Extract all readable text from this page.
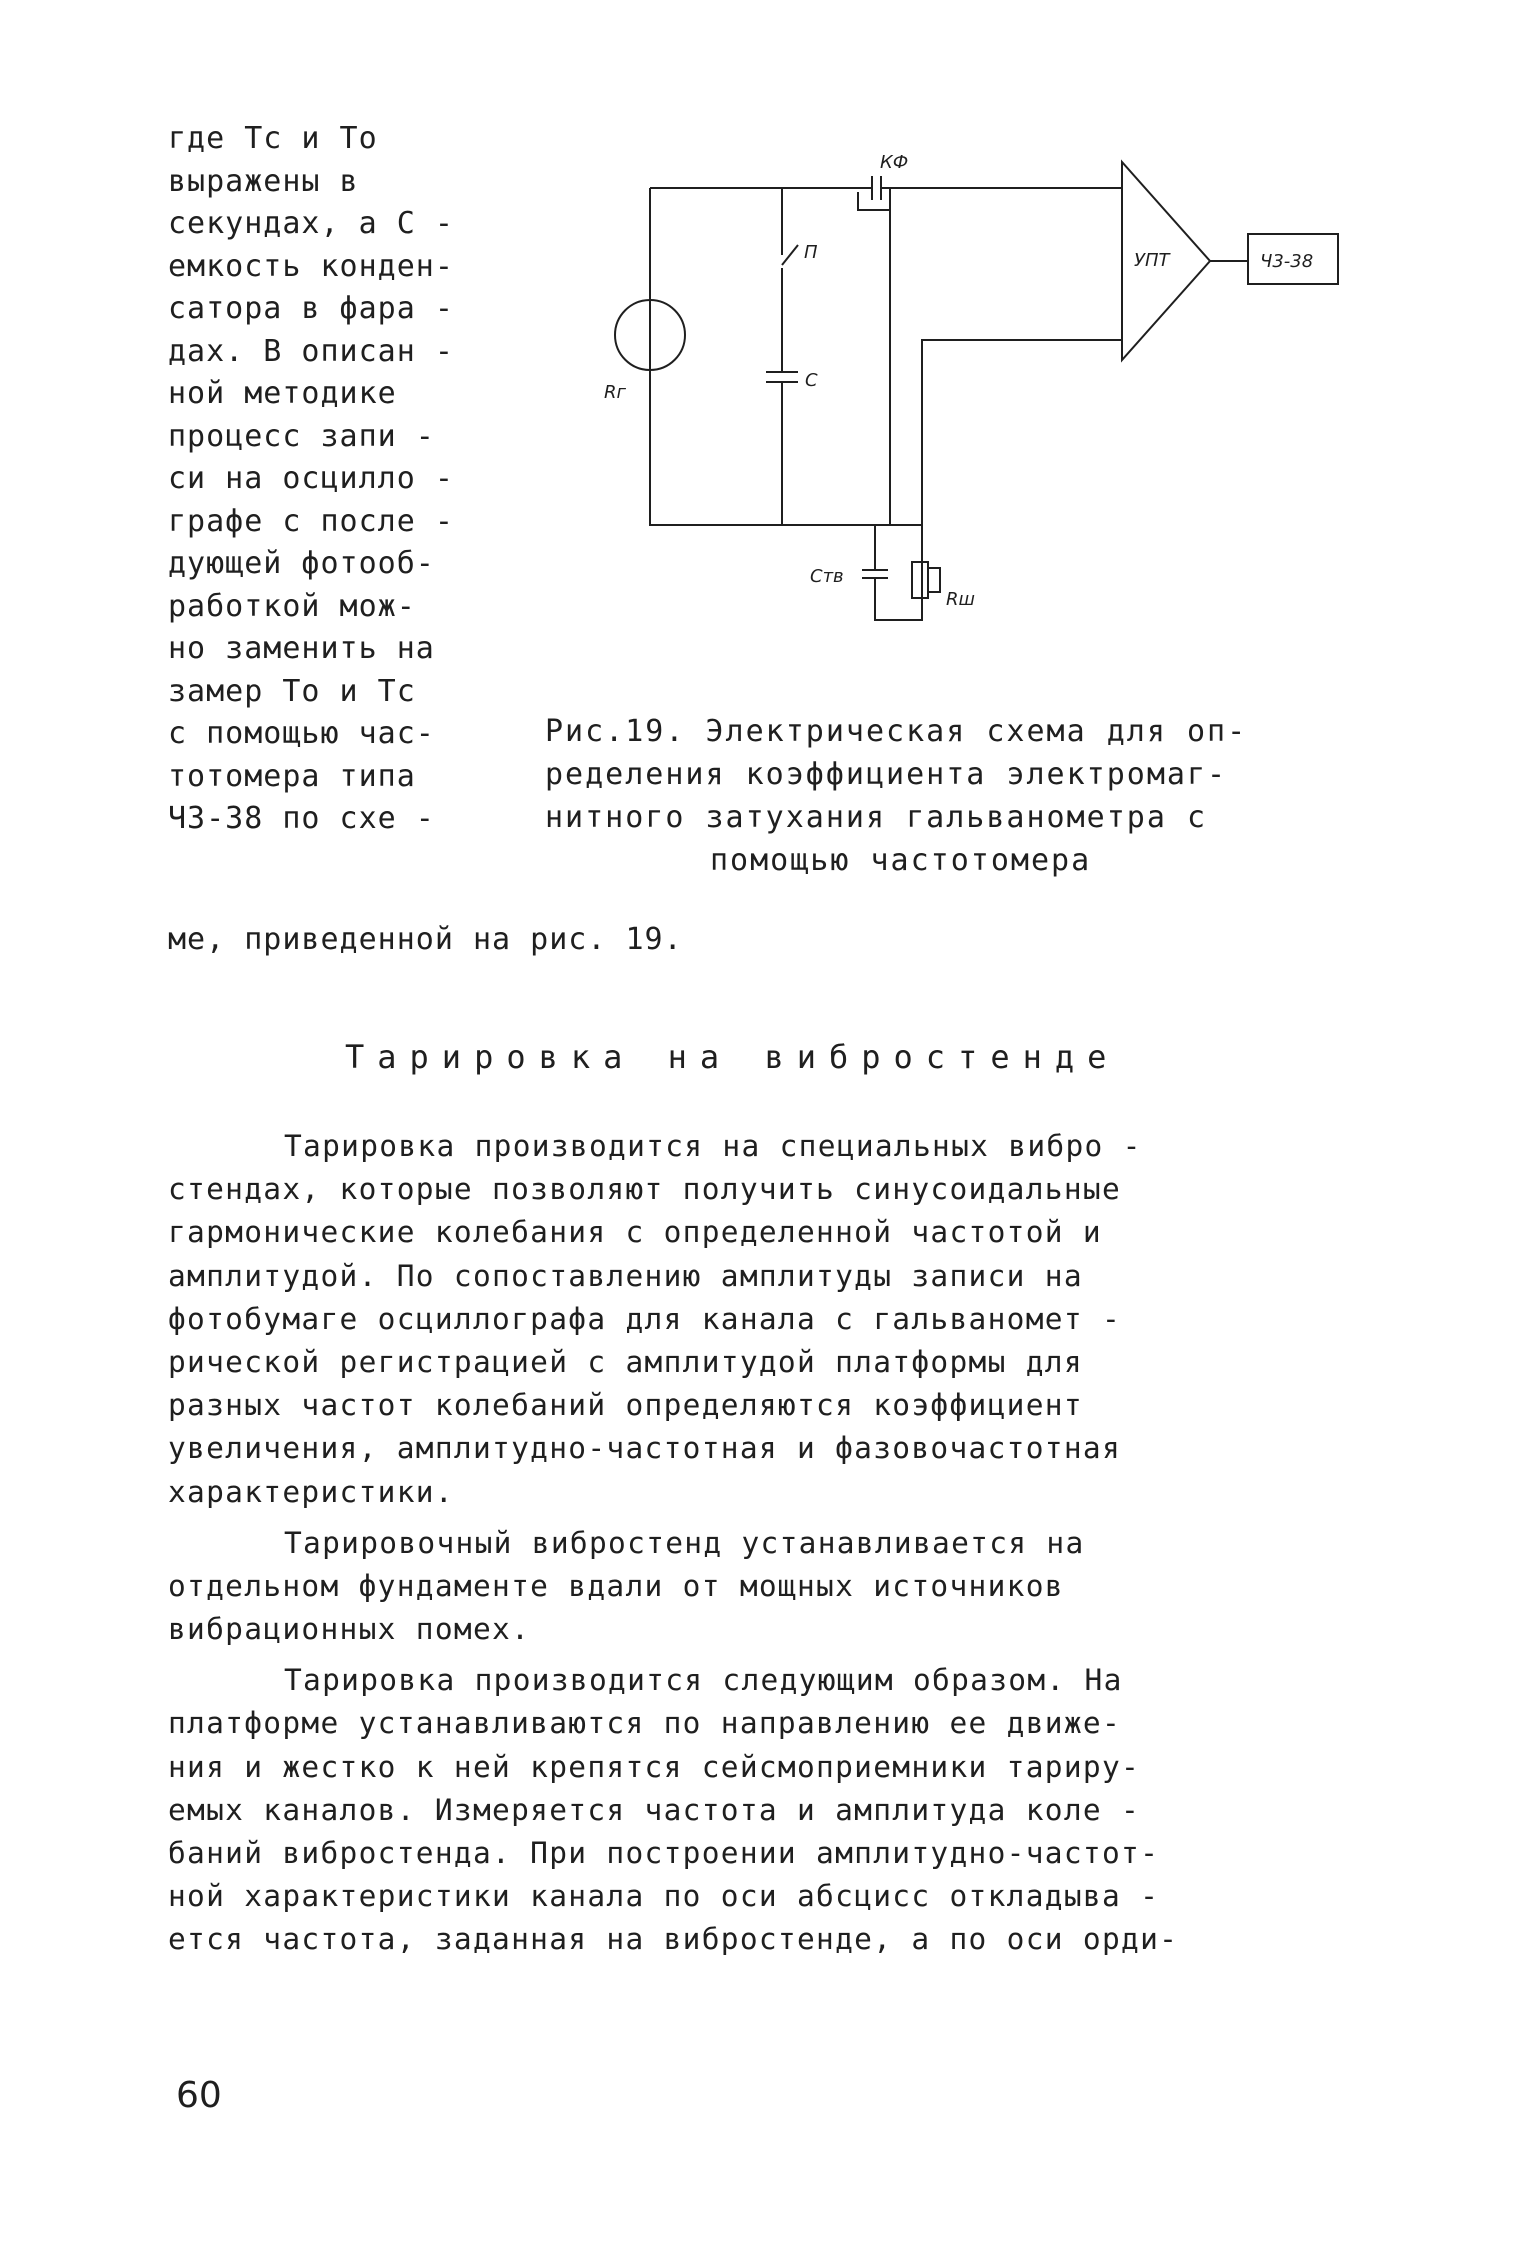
где Tс и Tо
выражены в
секундах, а С -
емкость конден-
сатора в фара -
дах. В описан -
ной методике
процесс запи -
си на осцилло -
графе с после -
дующей фотооб-
работкой мож-
но заменить на
замер Tо и Tс
с помощью час-
тотомера типа
Ч3-38 по схе -
КФ
П
С
Rг
УПТ	Ч3-38
Ств
Rш
Рис.19. Электрическая схема для оп-
ределения коэффициента электромаг-
нитного затухания гальванометра с
помощью частотомера
ме, приведенной на рис. 19.
Тарировка на вибростенде
Тарировка производится на специальных вибро -
стендах, которые позволяют получить синусоидальные
гармонические колебания с определенной частотой и
амплитудой. По сопоставлению амплитуды записи на
фотобумаге осциллографа для канала с гальваномет -
рической регистрацией с амплитудой платформы для
разных частот колебаний определяются коэффициент
увеличения, амплитудно-частотная и фазовочастотная
характеристики.
Тарировочный вибростенд устанавливается на
отдельном фундаменте вдали от мощных источников
вибрационных помех.
Тарировка производится следующим образом. На
платформе устанавливаются по направлению ее движе-
ния и жестко к ней крепятся сейсмоприемники тариру-
емых каналов. Измеряется частота и амплитуда коле -
баний вибростенда. При построении амплитудно-частот-
ной характеристики канала по оси абсцисс откладыва -
ется частота, заданная на вибростенде, а по оси орди-
60
